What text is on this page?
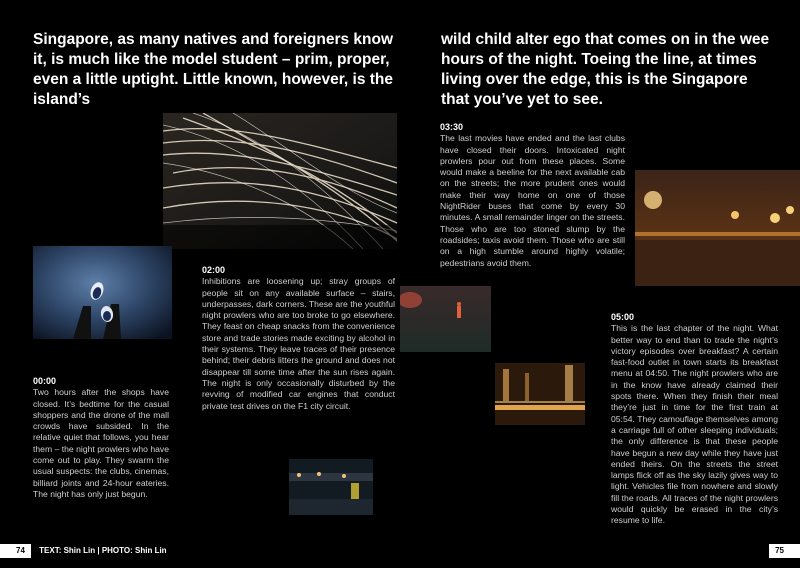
Singapore, as many natives and foreigners know it, is much like the model student – prim, proper, even a little uptight. Little known, however, is the island’s
wild child alter ego that comes on in the wee hours of the night. Toeing the line, at times living over the edge, this is the Singapore that you’ve yet to see.
00:00
Two hours after the shops have closed. It’s bedtime for the casual shoppers and the drone of the mall crowds have subsided. In the relative quiet that follows, you hear them – the night prowlers who have come out to play. They swarm the usual suspects: the clubs, cinemas, billiard joints and 24-hour eateries. The night has only just begun.
02:00
Inhibitions are loosening up; stray groups of people sit on any available surface – stairs, underpasses, dark corners. These are the youthful night prowlers who are too broke to go elsewhere. They feast on cheap snacks from the convenience store and trade stories made exciting by alcohol in their systems. They leave traces of their presence behind; their debris litters the ground and does not disappear till some time after the sun rises again. The night is only occasionally disturbed by the revving of modified car engines that conduct private test drives on the F1 city circuit.
03:30
The last movies have ended and the last clubs have closed their doors. Intoxicated night prowlers pour out from these places. Some would make a beeline for the next available cab on the streets; the more prudent ones would make their way home on one of those NightRider buses that come by every 30 minutes. A small remainder linger on the streets. Those who are too stoned slump by the roadsides; taxis avoid them. Those who are still on a high stumble around highly volatile; pedestrians avoid them.
05:00
This is the last chapter of the night. What better way to end than to trade the night’s victory episodes over breakfast? A certain fast-food outlet in town starts its breakfast menu at 04:50. The night prowlers who are in the know have already claimed their spots there. When they finish their meal they’re just in time for the first train at 05:54. They camouflage themselves among a carriage full of other sleeping individuals; the only difference is that these people have begun a new day while they have just ended theirs. On the streets the street lamps flick off as the sky lazily gives way to light. Vehicles file from nowhere and slowly fill the roads. All traces of the night prowlers would quickly be erased in the city’s resume to life.
74 TEXT: Shin Lin | PHOTO: Shin Lin	75
